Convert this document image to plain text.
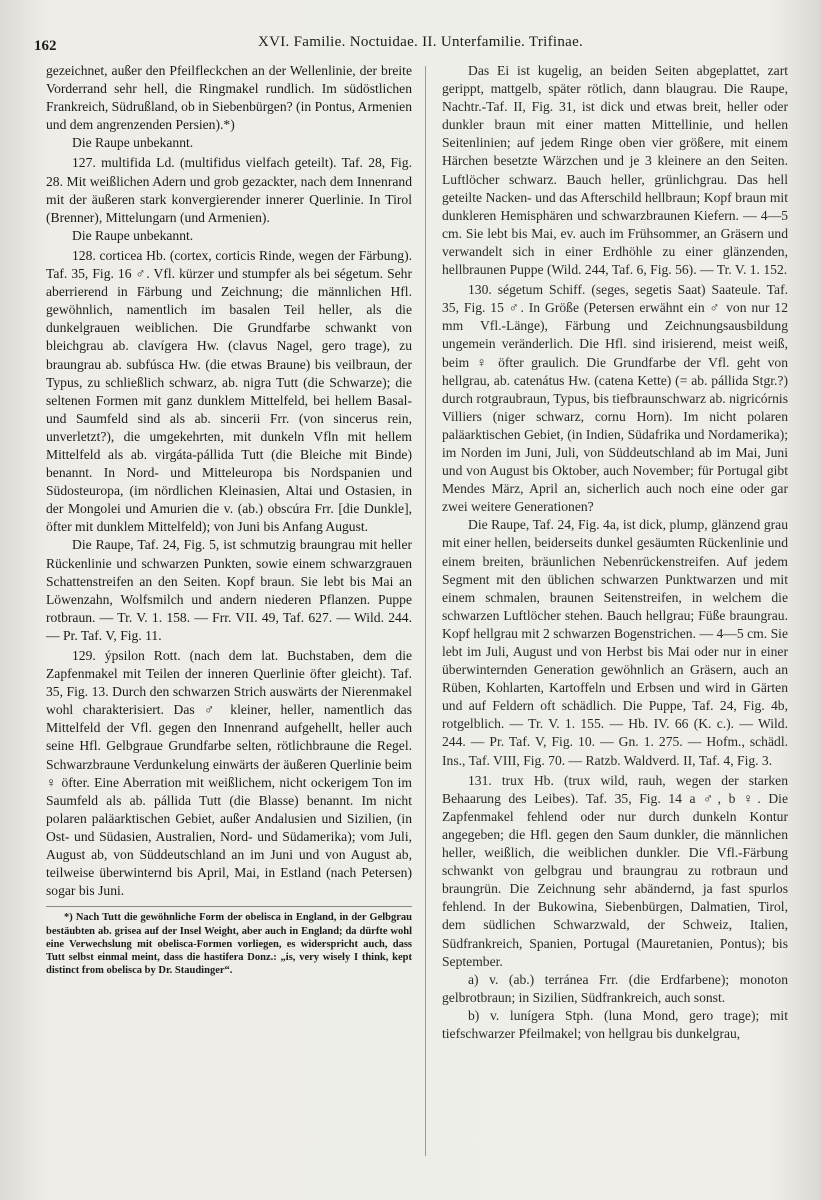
162	XVI. Familie. Noctuidae. II. Unterfamilie. Trifinae.

gezeichnet, außer den Pfeilfleckchen an der Wellenlinie, der breite Vorderrand sehr hell, die Ringmakel rundlich. Im südöstlichen Frankreich, Südrußland, ob in Siebenbürgen? (in Pontus, Armenien und dem angrenzenden Persien).*)

Die Raupe unbekannt.

127. multifida Ld. (multifidus vielfach geteilt). Taf. 28, Fig. 28. Mit weißlichen Adern und grob gezackter, nach dem Innenrand mit der äußeren stark konvergierender innerer Querlinie. In Tirol (Brenner), Mittelungarn (und Armenien).

Die Raupe unbekannt.

128. corticea Hb. (cortex, corticis Rinde, wegen der Färbung). Taf. 35, Fig. 16 ♂. Vfl. kürzer und stumpfer als bei ségetum. Sehr aberrierend in Färbung und Zeichnung; die männlichen Hfl. gewöhnlich, namentlich im basalen Teil heller, als die dunkelgrauen weiblichen. Die Grundfarbe schwankt von bleichgrau ab. clavígera Hw. (clavus Nagel, gero trage), zu braungrau ab. subfúsca Hw. (die etwas Braune) bis veilbraun, der Typus, zu schließlich schwarz, ab. nigra Tutt (die Schwarze); die seltenen Formen mit ganz dunklem Mittelfeld, bei hellem Basal- und Saumfeld sind als ab. sincerii Frr. (von sincerus rein, unverletzt?), die umgekehrten, mit dunkeln Vfln mit hellem Mittelfeld als ab. virgáta-pállida Tutt (die Bleiche mit Binde) benannt. In Nord- und Mitteleuropa bis Nordspanien und Südosteuropa, (im nördlichen Kleinasien, Altai und Ostasien, in der Mongolei und Amurien die v. (ab.) obscúra Frr. [die Dunkle], öfter mit dunklem Mittelfeld); von Juni bis Anfang August.

Die Raupe, Taf. 24, Fig. 5, ist schmutzig braungrau mit heller Rückenlinie und schwarzen Punkten, sowie einem schwarzgrauen Schattenstreifen an den Seiten. Kopf braun. Sie lebt bis Mai an Löwenzahn, Wolfsmilch und andern niederen Pflanzen. Puppe rotbraun. — Tr. V. 1. 158. — Frr. VII. 49, Taf. 627. — Wild. 244. — Pr. Taf. V, Fig. 11.

129. ýpsilon Rott. (nach dem lat. Buchstaben, dem die Zapfenmakel mit Teilen der inneren Querlinie öfter gleicht). Taf. 35, Fig. 13. Durch den schwarzen Strich auswärts der Nierenmakel wohl charakterisiert. Das ♂ kleiner, heller, namentlich das Mittelfeld der Vfl. gegen den Innenrand aufgehellt, heller auch seine Hfl. Gelbgraue Grundfarbe selten, rötlichbraune die Regel. Schwarzbraune Verdunkelung einwärts der äußeren Querlinie beim ♀ öfter. Eine Aberration mit weißlichem, nicht ockerigem Ton im Saumfeld als ab. pállida Tutt (die Blasse) benannt. Im nicht polaren paläarktischen Gebiet, außer Andalusien und Sizilien, (in Ost- und Südasien, Australien, Nord- und Südamerika); vom Juli, August ab, von Süddeutschland an im Juni und von August ab, teilweise überwinternd bis April, Mai, in Estland (nach Petersen) sogar bis Juni.

*) Nach Tutt die gewöhnliche Form der obelisca in England, in der Gelbgrau bestäubten ab. grisea auf der Insel Weight, aber auch in England; da dürfte wohl eine Verwechslung mit obelisca-Formen vorliegen, es widerspricht auch, dass Tutt selbst einmal meint, dass die hastifera Donz.: „is, very wisely I think, kept distinct from obelisca by Dr. Staudinger“.

Das Ei ist kugelig, an beiden Seiten abgeplattet, zart gerippt, mattgelb, später rötlich, dann blaugrau. Die Raupe, Nachtr.-Taf. II, Fig. 31, ist dick und etwas breit, heller oder dunkler braun mit einer matten Mittellinie, und hellen Seitenlinien; auf jedem Ringe oben vier größere, mit einem Härchen besetzte Wärzchen und je 3 kleinere an den Seiten. Luftlöcher schwarz. Bauch heller, grünlichgrau. Das hell geteilte Nacken- und das Afterschild hellbraun; Kopf braun mit dunkleren Hemisphären und schwarzbraunen Kiefern. — 4—5 cm. Sie lebt bis Mai, ev. auch im Frühsommer, an Gräsern und verwandelt sich in einer Erdhöhle zu einer glänzenden, hellbraunen Puppe (Wild. 244, Taf. 6, Fig. 56). — Tr. V. 1. 152.

130. ségetum Schiff. (seges, segetis Saat) Saateule. Taf. 35, Fig. 15 ♂. In Größe (Petersen erwähnt ein ♂ von nur 12 mm Vfl.-Länge), Färbung und Zeichnungsausbildung ungemein veränderlich. Die Hfl. sind irisierend, meist weiß, beim ♀ öfter graulich. Die Grundfarbe der Vfl. geht von hellgrau, ab. catenátus Hw. (catena Kette) (= ab. pállida Stgr.?) durch rotgraubraun, Typus, bis tiefbraunschwarz ab. nigricórnis Villiers (niger schwarz, cornu Horn). Im nicht polaren paläarktischen Gebiet, (in Indien, Südafrika und Nordamerika); im Norden im Juni, Juli, von Süddeutschland ab im Mai, Juni und von August bis Oktober, auch November; für Portugal gibt Mendes März, April an, sicherlich auch noch eine oder gar zwei weitere Generationen?

Die Raupe, Taf. 24, Fig. 4a, ist dick, plump, glänzend grau mit einer hellen, beiderseits dunkel gesäumten Rückenlinie und einem breiten, bräunlichen Nebenrückenstreifen. Auf jedem Segment mit den üblichen schwarzen Punktwarzen und mit einem schmalen, braunen Seitenstreifen, in welchem die schwarzen Luftlöcher stehen. Bauch hellgrau; Füße braungrau. Kopf hellgrau mit 2 schwarzen Bogenstrichen. — 4—5 cm. Sie lebt im Juli, August und von Herbst bis Mai oder nur in einer überwinternden Generation gewöhnlich an Gräsern, auch an Rüben, Kohlarten, Kartoffeln und Erbsen und wird in Gärten und auf Feldern oft schädlich. Die Puppe, Taf. 24, Fig. 4b, rotgelblich. — Tr. V. 1. 155. — Hb. IV. 66 (K. c.). — Wild. 244. — Pr. Taf. V, Fig. 10. — Gn. 1. 275. — Hofm., schädl. Ins., Taf. VIII, Fig. 70. — Ratzb. Waldverd. II, Taf. 4, Fig. 3.

131. trux Hb. (trux wild, rauh, wegen der starken Behaarung des Leibes). Taf. 35, Fig. 14 a ♂, b ♀. Die Zapfenmakel fehlend oder nur durch dunkeln Kontur angegeben; die Hfl. gegen den Saum dunkler, die männlichen heller, weißlich, die weiblichen dunkler. Die Vfl.-Färbung schwankt von gelbgrau und braungrau zu rotbraun und braungrün. Die Zeichnung sehr abändernd, ja fast spurlos fehlend. In der Bukowina, Siebenbürgen, Dalmatien, Tirol, dem südlichen Schwarzwald, der Schweiz, Italien, Südfrankreich, Spanien, Portugal (Mauretanien, Pontus); bis September.

a) v. (ab.) terránea Frr. (die Erdfarbene); monoton gelbrotbraun; in Sizilien, Südfrankreich, auch sonst.

b) v. lunígera Stph. (luna Mond, gero trage); mit tiefschwarzer Pfeilmakel; von hellgrau bis dunkelgrau,
